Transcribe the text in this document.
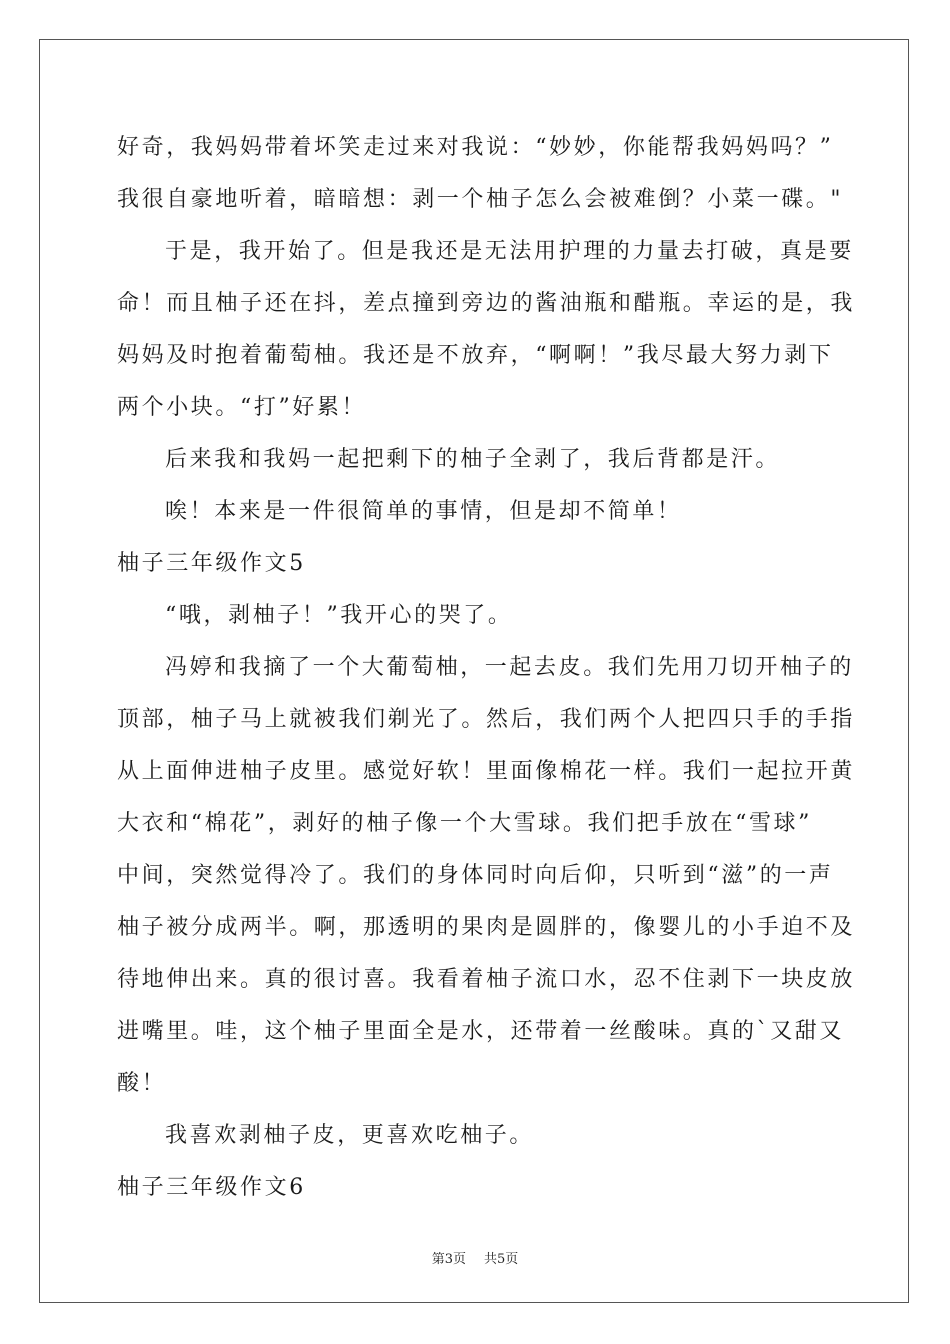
好奇，我妈妈带着坏笑走过来对我说：“妙妙，你能帮我妈妈吗？”
我很自豪地听着，暗暗想：剥一个柚子怎么会被难倒？小菜一碟。"
于是，我开始了。但是我还是无法用护理的力量去打破，真是要
命！而且柚子还在抖，差点撞到旁边的酱油瓶和醋瓶。幸运的是，我
妈妈及时抱着葡萄柚。我还是不放弃，“啊啊！”我尽最大努力剥下
两个小块。“打”好累！
后来我和我妈一起把剩下的柚子全剥了，我后背都是汗。
唉！本来是一件很简单的事情，但是却不简单！
柚子三年级作文5
“哦，剥柚子！”我开心的哭了。
冯婷和我摘了一个大葡萄柚，一起去皮。我们先用刀切开柚子的
顶部，柚子马上就被我们剃光了。然后，我们两个人把四只手的手指
从上面伸进柚子皮里。感觉好软！里面像棉花一样。我们一起拉开黄
大衣和“棉花”，剥好的柚子像一个大雪球。我们把手放在“雪球”
中间，突然觉得冷了。我们的身体同时向后仰，只听到“滋”的一声
柚子被分成两半。啊，那透明的果肉是圆胖的，像婴儿的小手迫不及
待地伸出来。真的很讨喜。我看着柚子流口水，忍不住剥下一块皮放
进嘴里。哇，这个柚子里面全是水，还带着一丝酸味。真的`又甜又
酸！
我喜欢剥柚子皮，更喜欢吃柚子。
柚子三年级作文6
第3页 共5页
